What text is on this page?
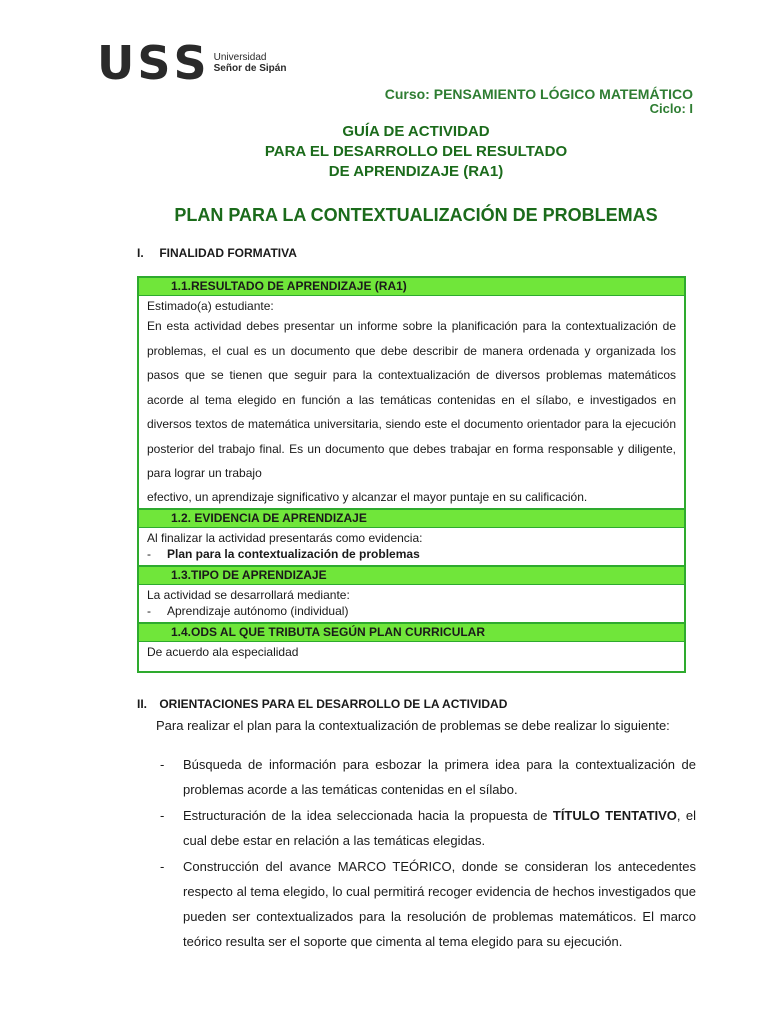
U S S Universidad
Señor de Sipán
Curso: PENSAMIENTO LÓGICO MATEMÁTICO
Ciclo: I
GUÍA DE ACTIVIDAD
PARA EL DESARROLLO DEL RESULTADO
DE APRENDIZAJE (RA1)
PLAN PARA LA CONTEXTUALIZACIÓN DE PROBLEMAS
I. FINALIDAD FORMATIVA
1.1.RESULTADO DE APRENDIZAJE (RA1)
Estimado(a) estudiante:
En esta actividad debes presentar un informe sobre la planificación para la contextualización de problemas, el cual es un documento que debe describir de manera ordenada y organizada los pasos que se tienen que seguir para la contextualización de diversos problemas matemáticos acorde al tema elegido en función a las temáticas contenidas en el sílabo, e investigados en diversos textos de matemática universitaria, siendo este el documento orientador para la ejecución posterior del trabajo final. Es un documento que debes trabajar en forma responsable y diligente, para lograr un trabajo
efectivo, un aprendizaje significativo y alcanzar el mayor puntaje en su calificación.
1.2. EVIDENCIA DE APRENDIZAJE
Al finalizar la actividad presentarás como evidencia:
-	Plan para la contextualización de problemas
1.3.TIPO DE APRENDIZAJE
La actividad se desarrollará mediante:
-	Aprendizaje autónomo (individual)
1.4.ODS AL QUE TRIBUTA SEGÚN PLAN CURRICULAR
De acuerdo ala especialidad
II. ORIENTACIONES PARA EL DESARROLLO DE LA ACTIVIDAD
Para realizar el plan para la contextualización de problemas se debe realizar lo siguiente:
-	Búsqueda de información para esbozar la primera idea para la contextualización de problemas acorde a las temáticas contenidas en el sílabo.
-	Estructuración de la idea seleccionada hacia la propuesta de TÍTULO TENTATIVO, el cual debe estar en relación a las temáticas elegidas.
-	Construcción del avance MARCO TEÓRICO, donde se consideran los antecedentes respecto al tema elegido, lo cual permitirá recoger evidencia de hechos investigados que pueden ser contextualizados para la resolución de problemas matemáticos. El marco teórico resulta ser el soporte que cimenta al tema elegido para su ejecución.
